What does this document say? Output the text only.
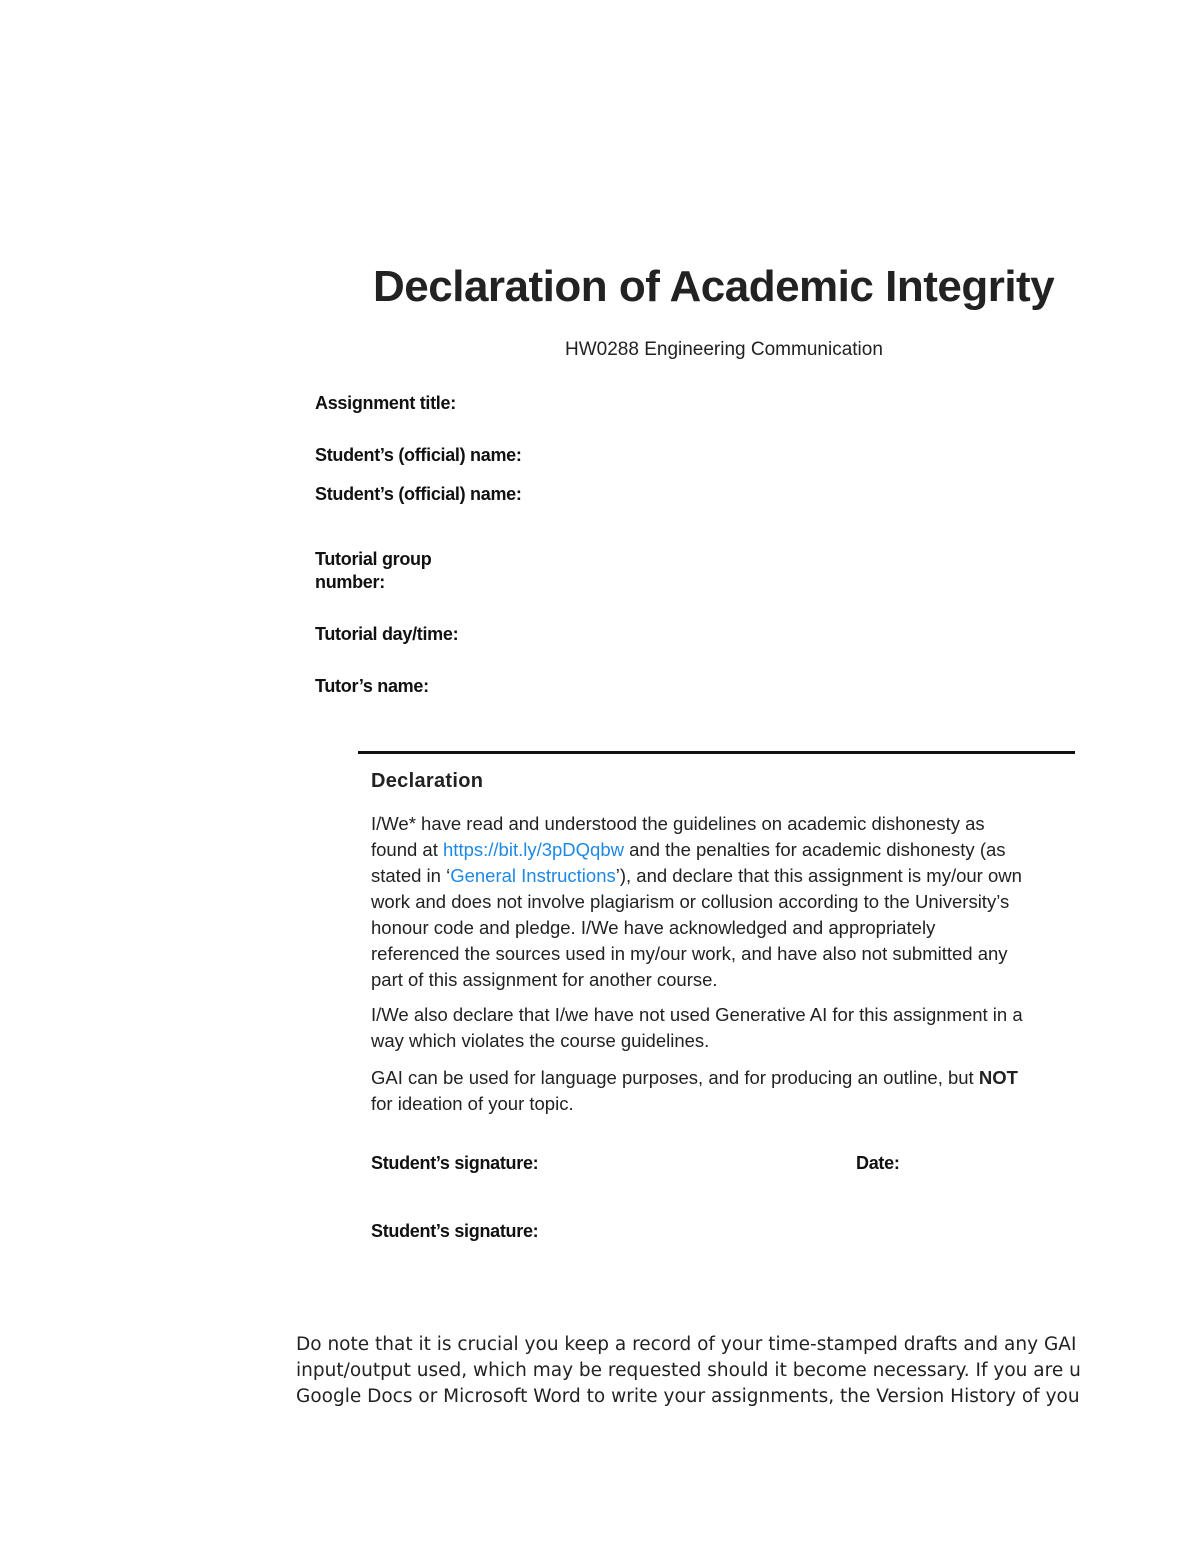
Declaration of Academic Integrity
HW0288 Engineering Communication
Assignment title:
Student’s (official) name:
Student’s (official) name:
Tutorial group
number:
Tutorial day/time:
Tutor’s name:
Declaration
I/We* have read and understood the guidelines on academic dishonesty as
found at https://bit.ly/3pDQqbw and the penalties for academic dishonesty (as
stated in ‘General Instructions’), and declare that this assignment is my/our own
work and does not involve plagiarism or collusion according to the University’s
honour code and pledge. I/We have acknowledged and appropriately
referenced the sources used in my/our work, and have also not submitted any
part of this assignment for another course.
I/We also declare that I/we have not used Generative AI for this assignment in a
way which violates the course guidelines.
GAI can be used for language purposes, and for producing an outline, but NOT
for ideation of your topic.
Student’s signature:	Date:
Student’s signature:
Do note that it is crucial you keep a record of your time-stamped drafts and any GAI
input/output used, which may be requested should it become necessary. If you are u
Google Docs or Microsoft Word to write your assignments, the Version History of you
